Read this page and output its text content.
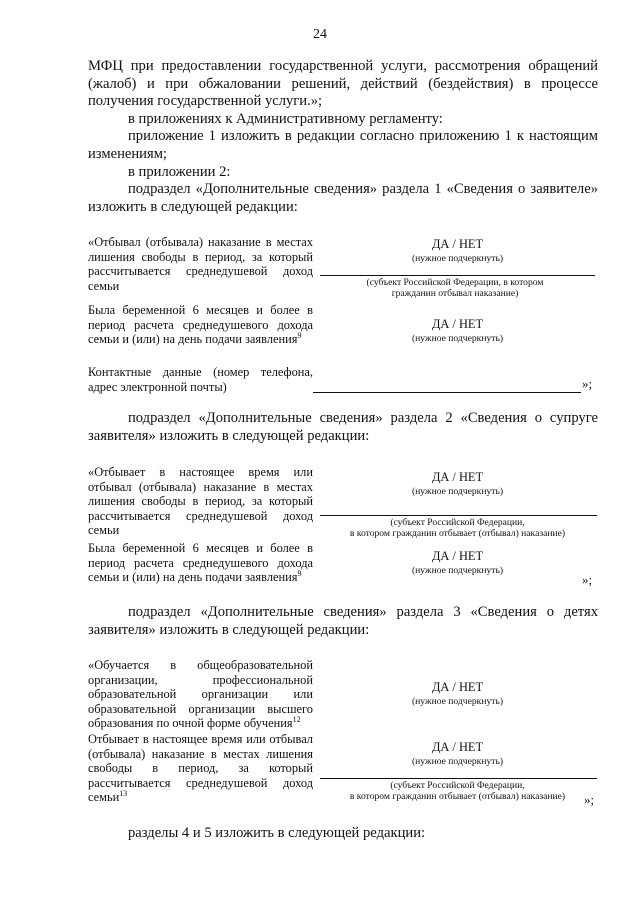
24

МФЦ при предоставлении государственной услуги, рассмотрения обращений (жалоб) и при обжаловании решений, действий (бездействия) в процессе получения государственной услуги.»;

в приложениях к Административному регламенту:

приложение 1 изложить в редакции согласно приложению 1 к настоящим изменениям;

в приложении 2:

подраздел «Дополнительные сведения» раздела 1 «Сведения о заявителе» изложить в следующей редакции:

«Отбывал (отбывала) наказание в местах лишения свободы в период, за который рассчитывается среднедушевой доход семьи
ДА / НЕТ
(нужное подчеркнуть)
(субъект Российской Федерации, в котором гражданин отбывал наказание)
Была беременной 6 месяцев и более в период расчета среднедушевого дохода семьи и (или) на день подачи заявления$^9$
ДА / НЕТ
(нужное подчеркнуть)
Контактные данные (номер телефона, адрес электронной почты)	»;

подраздел «Дополнительные сведения» раздела 2 «Сведения о супруге заявителя» изложить в следующей редакции:

«Отбывает в настоящее время или отбывал (отбывала) наказание в местах лишения свободы в период, за который рассчитывается среднедушевой доход семьи
ДА / НЕТ
(нужное подчеркнуть)
(субъект Российской Федерации,
в котором гражданин отбывает (отбывал) наказание)
Была беременной 6 месяцев и более в период расчета среднедушевого дохода семьи и (или) на день подачи заявления$^9$
ДА / НЕТ
(нужное подчеркнуть)
»;

подраздел «Дополнительные сведения» раздела 3 «Сведения о детях заявителя» изложить в следующей редакции:

«Обучается в общеобразовательной организации, профессиональной образовательной организации или образовательной организации высшего образования по очной форме обучения$^{12}$
ДА / НЕТ
(нужное подчеркнуть)
Отбывает в настоящее время или отбывал (отбывала) наказание в местах лишения свободы в период, за который рассчитывается среднедушевой доход семьи$^{13}$
ДА / НЕТ
(нужное подчеркнуть)
(субъект Российской Федерации,
в котором гражданин отбывает (отбывал) наказание)	»;

разделы 4 и 5 изложить в следующей редакции:
